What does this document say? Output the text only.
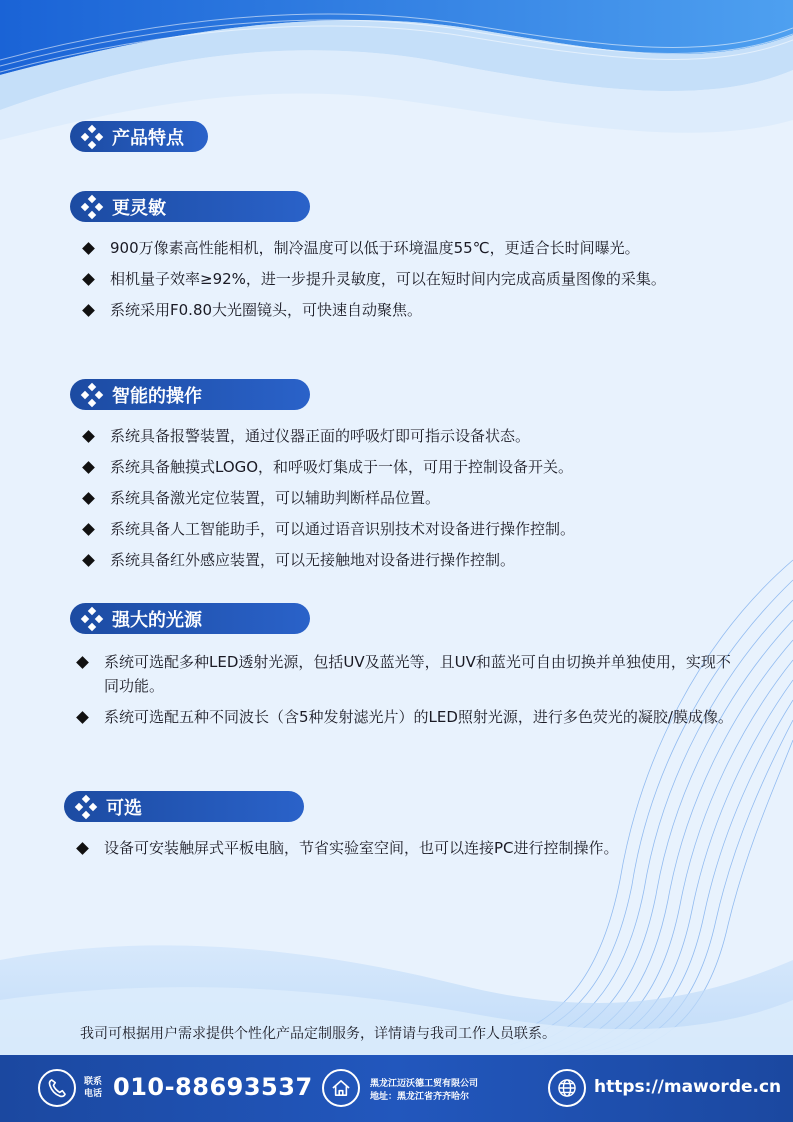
产品特点
更灵敏
900万像素高性能相机，制冷温度可以低于环境温度55℃，更适合长时间曝光。
相机量子效率≥92%，进一步提升灵敏度，可以在短时间内完成高质量图像的采集。
系统采用F0.80大光圈镜头，可快速自动聚焦。
智能的操作
系统具备报警装置，通过仪器正面的呼吸灯即可指示设备状态。
系统具备触摸式LOGO，和呼吸灯集成于一体，可用于控制设备开关。
系统具备激光定位装置，可以辅助判断样品位置。
系统具备人工智能助手，可以通过语音识别技术对设备进行操作控制。
系统具备红外感应装置，可以无接触地对设备进行操作控制。
强大的光源
系统可选配多种LED透射光源，包括UV及蓝光等，且UV和蓝光可自由切换并单独使用，实现不同功能。
系统可选配五种不同波长（含5种发射滤光片）的LED照射光源，进行多色荧光的凝胶/膜成像。
可选
设备可安装触屏式平板电脑，节省实验室空间，也可以连接PC进行控制操作。
我司可根据用户需求提供个性化产品定制服务，详情请与我司工作人员联系。
联系
电话 010-88693537	黑龙江迈沃德工贸有限公司
地址：黑龙江省齐齐哈尔	https://maworde.cn
